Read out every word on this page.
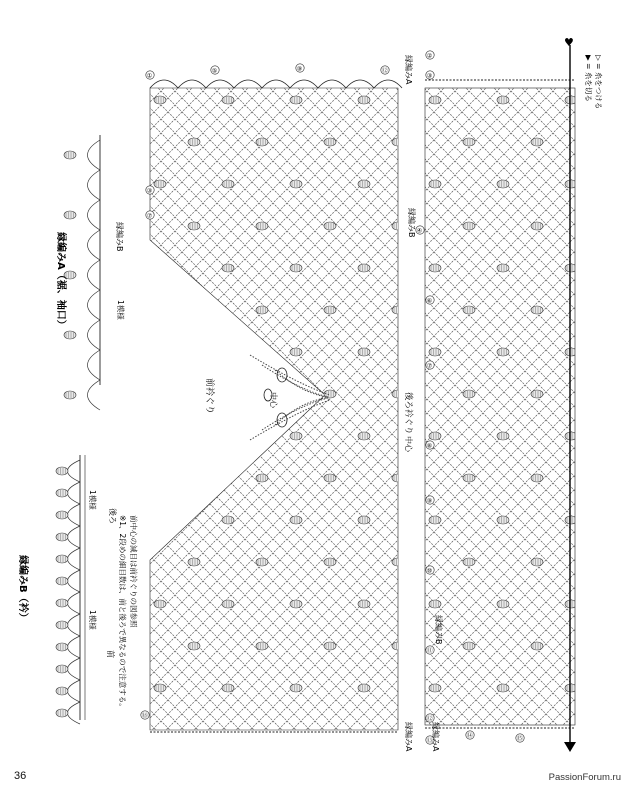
♥
①
⑤	⑨	⑫
③
⑦
②
③
④
⑥
⑦
⑧
⑨
⑩
⑪
⑫
⑬
⑭	⑮
⑱
▷ = 糸をつける
▶ = 糸を切る
縁編みA（裾、袖口）
縁編みB（衿）	※1、2段めの細目数は、前と後ろで異なるので注意する。 前中心の減目は前衿ぐりの図参照
前衿ぐり	後ろ衿ぐり
中心
中心
縁編みA
縁編みB	縁編みB
縁編みB
縁編みA 縁編みA
1模様
1模様
1模様
前
後ろ
36	PassionForum.ru
